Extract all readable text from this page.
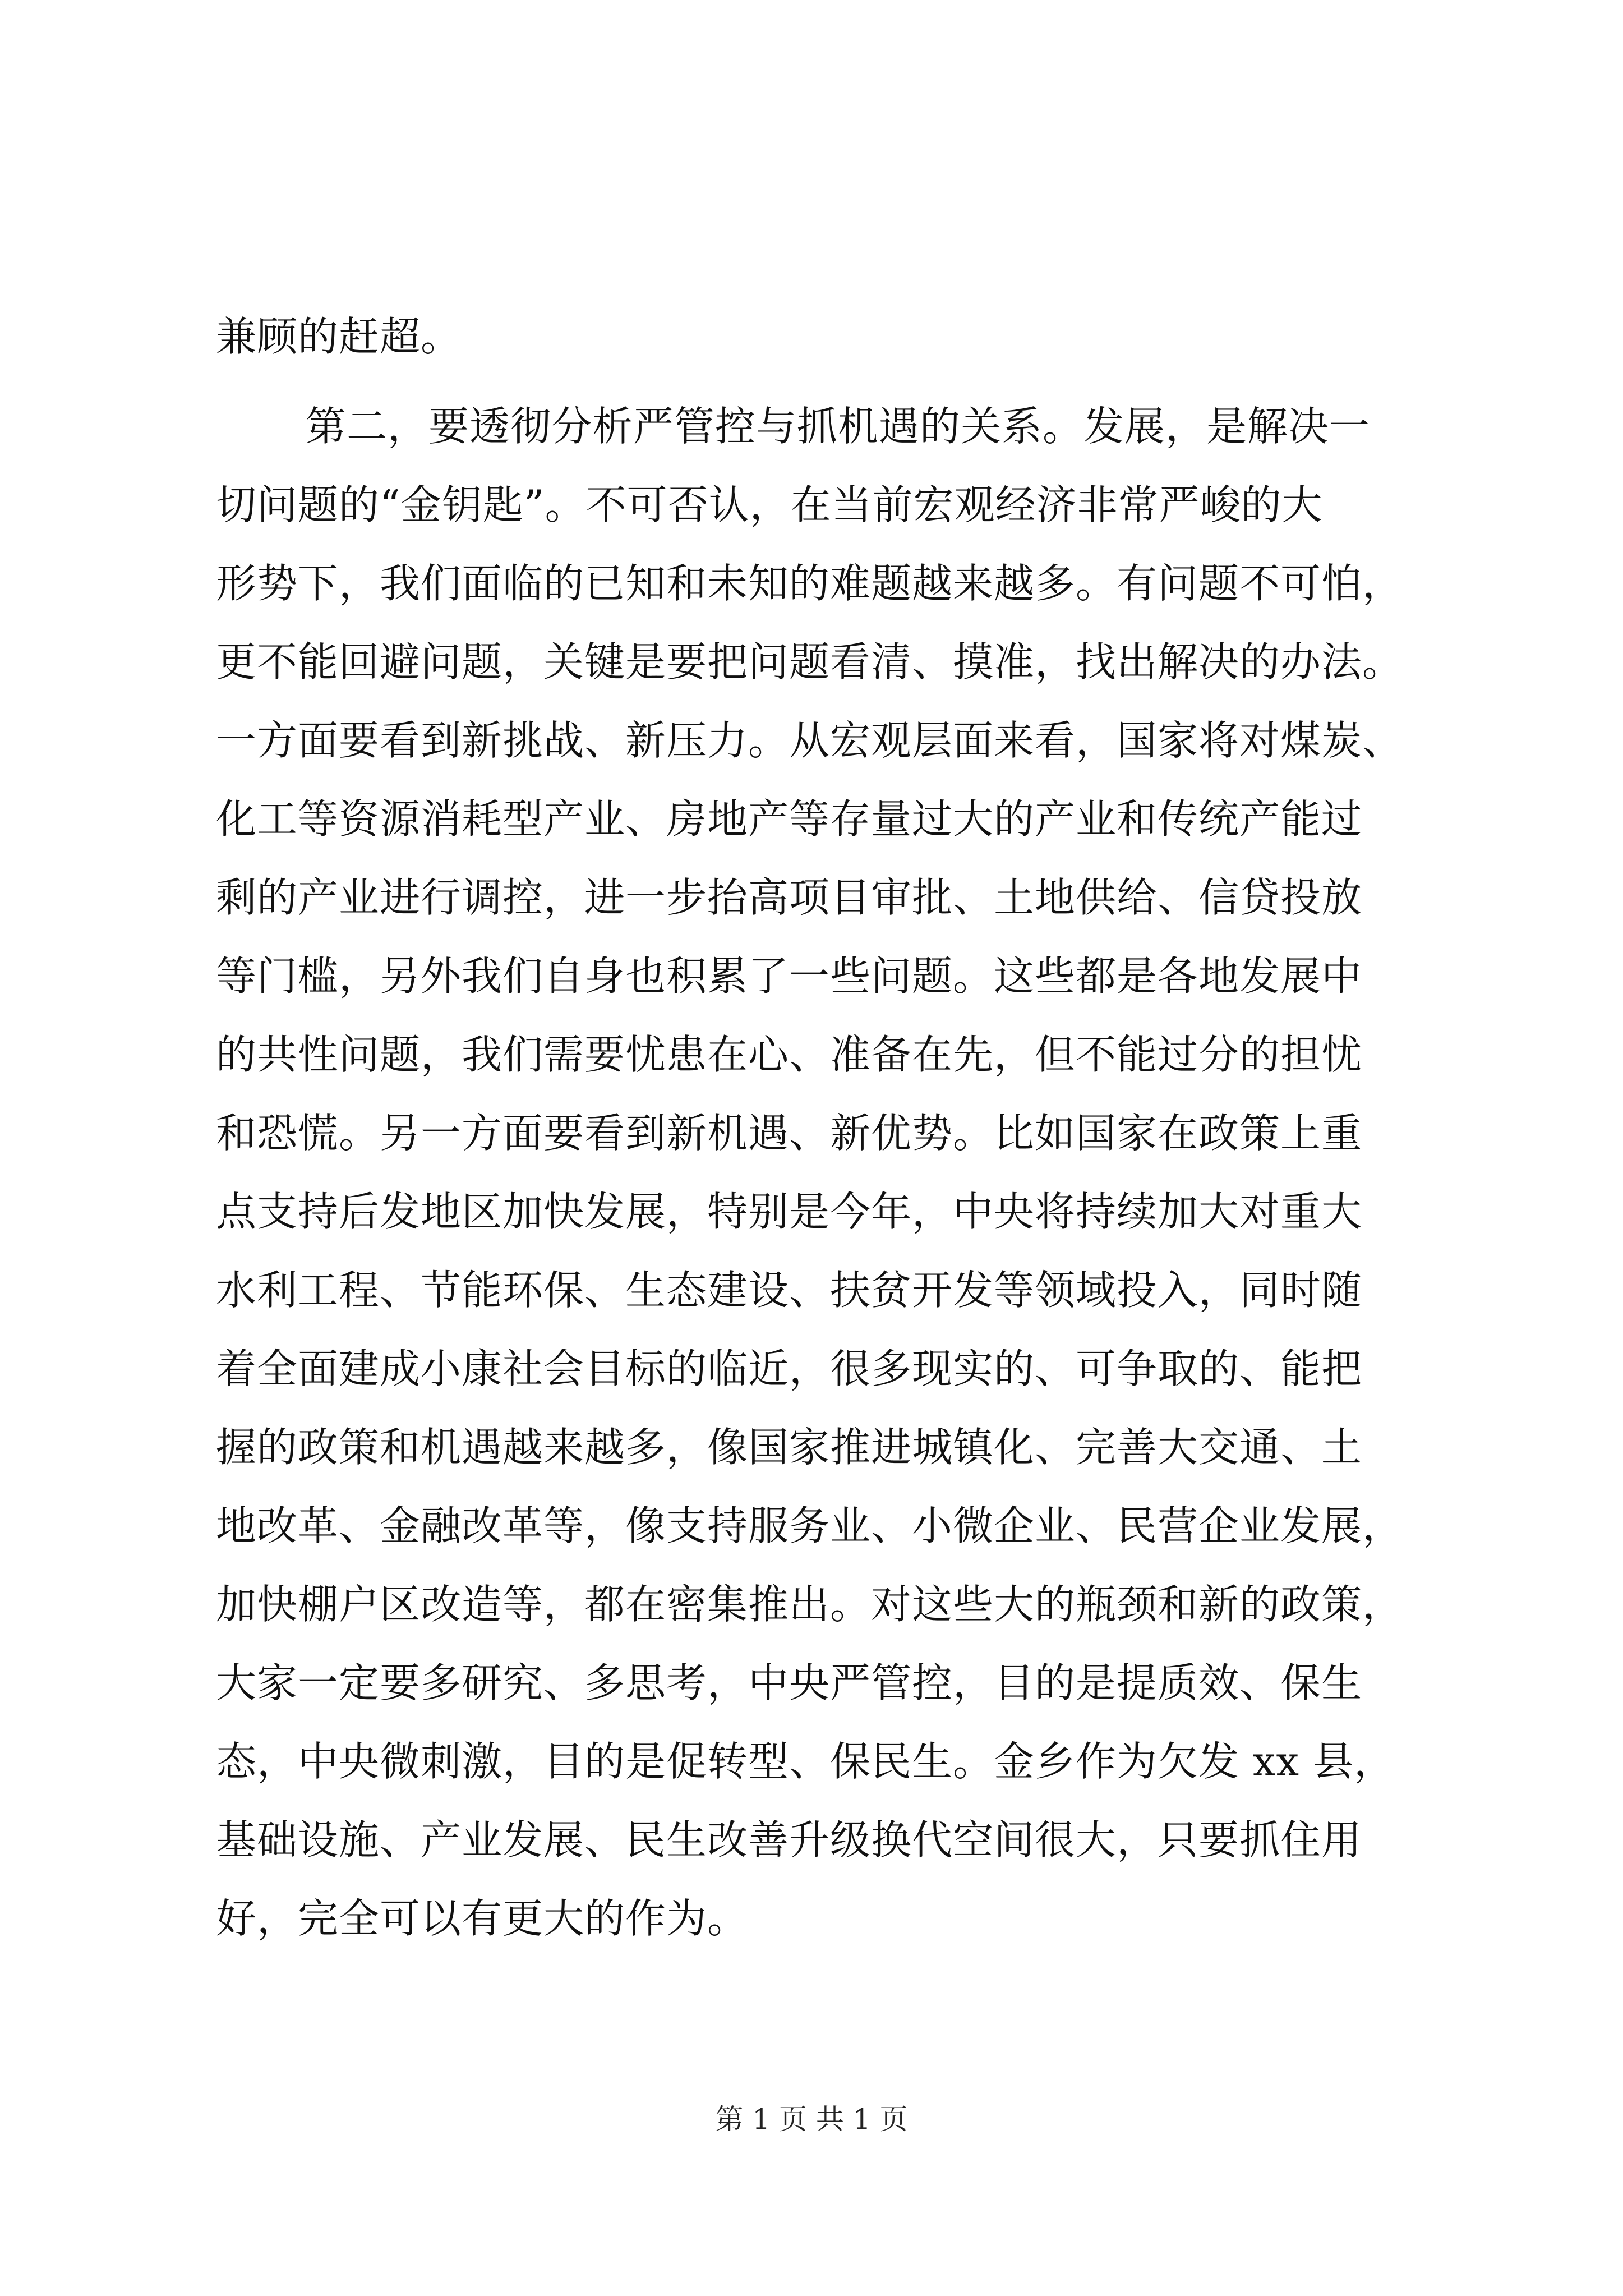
兼顾的赶超。
第二，要透彻分析严管控与抓机遇的关系。发展，是解决一
切问题的“金钥匙”。不可否认，在当前宏观经济非常严峻的大
形势下，我们面临的已知和未知的难题越来越多。有问题不可怕，
更不能回避问题，关键是要把问题看清、摸准，找出解决的办法。
一方面要看到新挑战、新压力。从宏观层面来看，国家将对煤炭、
化工等资源消耗型产业、房地产等存量过大的产业和传统产能过
剩的产业进行调控，进一步抬高项目审批、土地供给、信贷投放
等门槛，另外我们自身也积累了一些问题。这些都是各地发展中
的共性问题，我们需要忧患在心、准备在先，但不能过分的担忧
和恐慌。另一方面要看到新机遇、新优势。比如国家在政策上重
点支持后发地区加快发展，特别是今年，中央将持续加大对重大
水利工程、节能环保、生态建设、扶贫开发等领域投入，同时随
着全面建成小康社会目标的临近，很多现实的、可争取的、能把
握的政策和机遇越来越多，像国家推进城镇化、完善大交通、土
地改革、金融改革等，像支持服务业、小微企业、民营企业发展，
加快棚户区改造等，都在密集推出。对这些大的瓶颈和新的政策，
大家一定要多研究、多思考，中央严管控，目的是提质效、保生
态，中央微刺激，目的是促转型、保民生。金乡作为欠发 xx 县，
基础设施、产业发展、民生改善升级换代空间很大，只要抓住用
好，完全可以有更大的作为。
第 1 页 共 1 页
